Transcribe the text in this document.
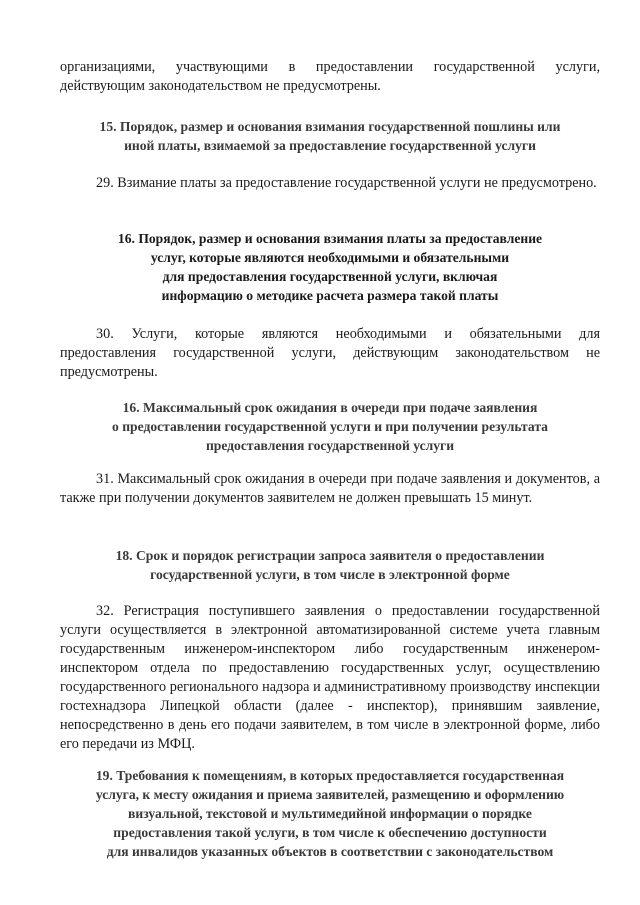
организациями, участвующими в предоставлении государственной услуги, действующим законодательством не предусмотрены.

15. Порядок, размер и основания взимания государственной пошлины или
иной платы, взимаемой за предоставление государственной услуги

29. Взимание платы за предоставление государственной услуги не предусмотрено.

16. Порядок, размер и основания взимания платы за предоставление
услуг, которые являются необходимыми и обязательными
для предоставления государственной услуги, включая
информацию о методике расчета размера такой платы

30. Услуги, которые являются необходимыми и обязательными для предоставления государственной услуги, действующим законодательством не предусмотрены.

16. Максимальный срок ожидания в очереди при подаче заявления
о предоставлении государственной услуги и при получении результата
предоставления государственной услуги

31. Максимальный срок ожидания в очереди при подаче заявления и документов, а также при получении документов заявителем не должен превышать 15 минут.

18. Срок и порядок регистрации запроса заявителя о предоставлении
государственной услуги, в том числе в электронной форме

32. Регистрация поступившего заявления о предоставлении государственной услуги осуществляется в электронной автоматизированной системе учета главным государственным инженером-инспектором либо государственным инженером-инспектором отдела по предоставлению государственных услуг, осуществлению государственного регионального надзора и административному производству инспекции гостехнадзора Липецкой области (далее - инспектор), принявшим заявление, непосредственно в день его подачи заявителем, в том числе в электронной форме, либо его передачи из МФЦ.

19. Требования к помещениям, в которых предоставляется государственная
услуга, к месту ожидания и приема заявителей, размещению и оформлению
визуальной, текстовой и мультимедийной информации о порядке
предоставления такой услуги, в том числе к обеспечению доступности
для инвалидов указанных объектов в соответствии с законодательством
